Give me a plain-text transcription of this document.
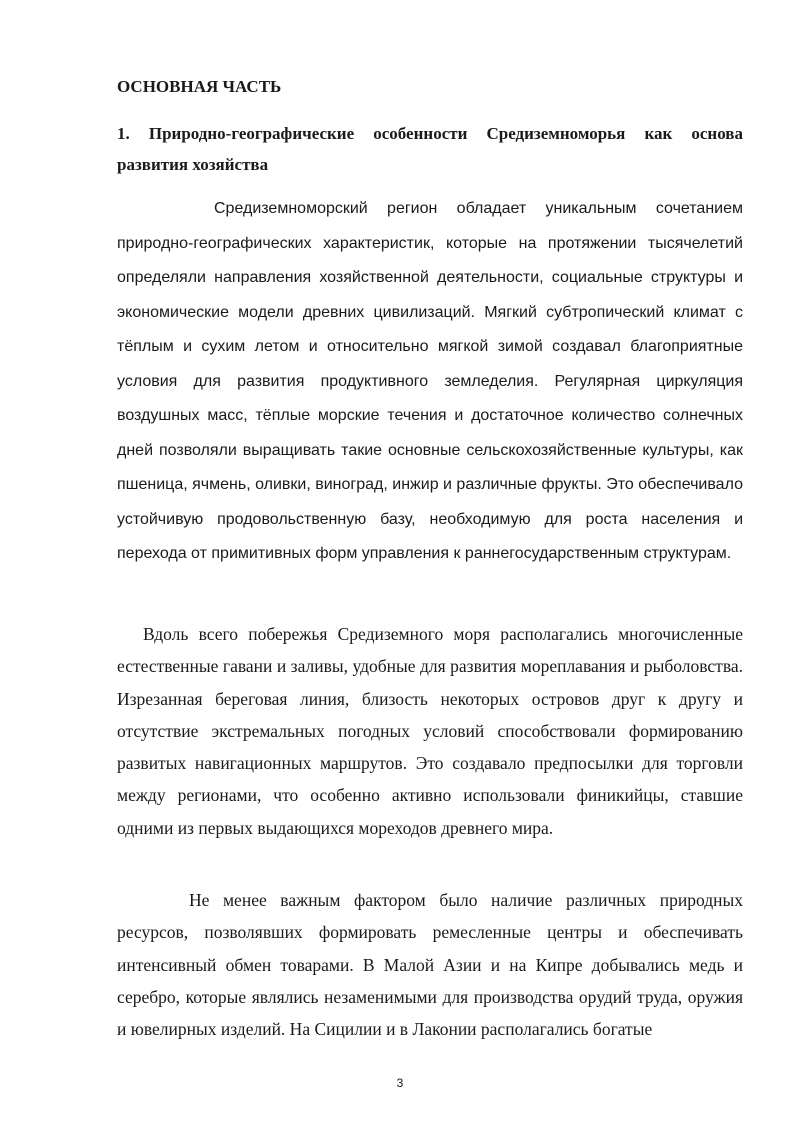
ОСНОВНАЯ ЧАСТЬ
1. Природно-географические особенности Средиземноморья как основа развития хозяйства

Средиземноморский регион обладает уникальным сочетанием природно-географических характеристик, которые на протяжении тысячелетий определяли направления хозяйственной деятельности, социальные структуры и экономические модели древних цивилизаций. Мягкий субтропический климат с тёплым и сухим летом и относительно мягкой зимой создавал благоприятные условия для развития продуктивного земледелия. Регулярная циркуляция воздушных масс, тёплые морские течения и достаточное количество солнечных дней позволяли выращивать такие основные сельскохозяйственные культуры, как пшеница, ячмень, оливки, виноград, инжир и различные фрукты. Это обеспечивало устойчивую продовольственную базу, необходимую для роста населения и перехода от примитивных форм управления к раннегосударственным структурам.

Вдоль всего побережья Средиземного моря располагались многочисленные естественные гавани и заливы, удобные для развития мореплавания и рыболовства. Изрезанная береговая линия, близость некоторых островов друг к другу и отсутствие экстремальных погодных условий способствовали формированию развитых навигационных маршрутов. Это создавало предпосылки для торговли между регионами, что особенно активно использовали финикийцы, ставшие одними из первых выдающихся мореходов древнего мира.

Не менее важным фактором было наличие различных природных ресурсов, позволявших формировать ремесленные центры и обеспечивать интенсивный обмен товарами. В Малой Азии и на Кипре добывались медь и серебро, которые являлись незаменимыми для производства орудий труда, оружия и ювелирных изделий. На Сицилии и в Лаконии располагались богатые

3
